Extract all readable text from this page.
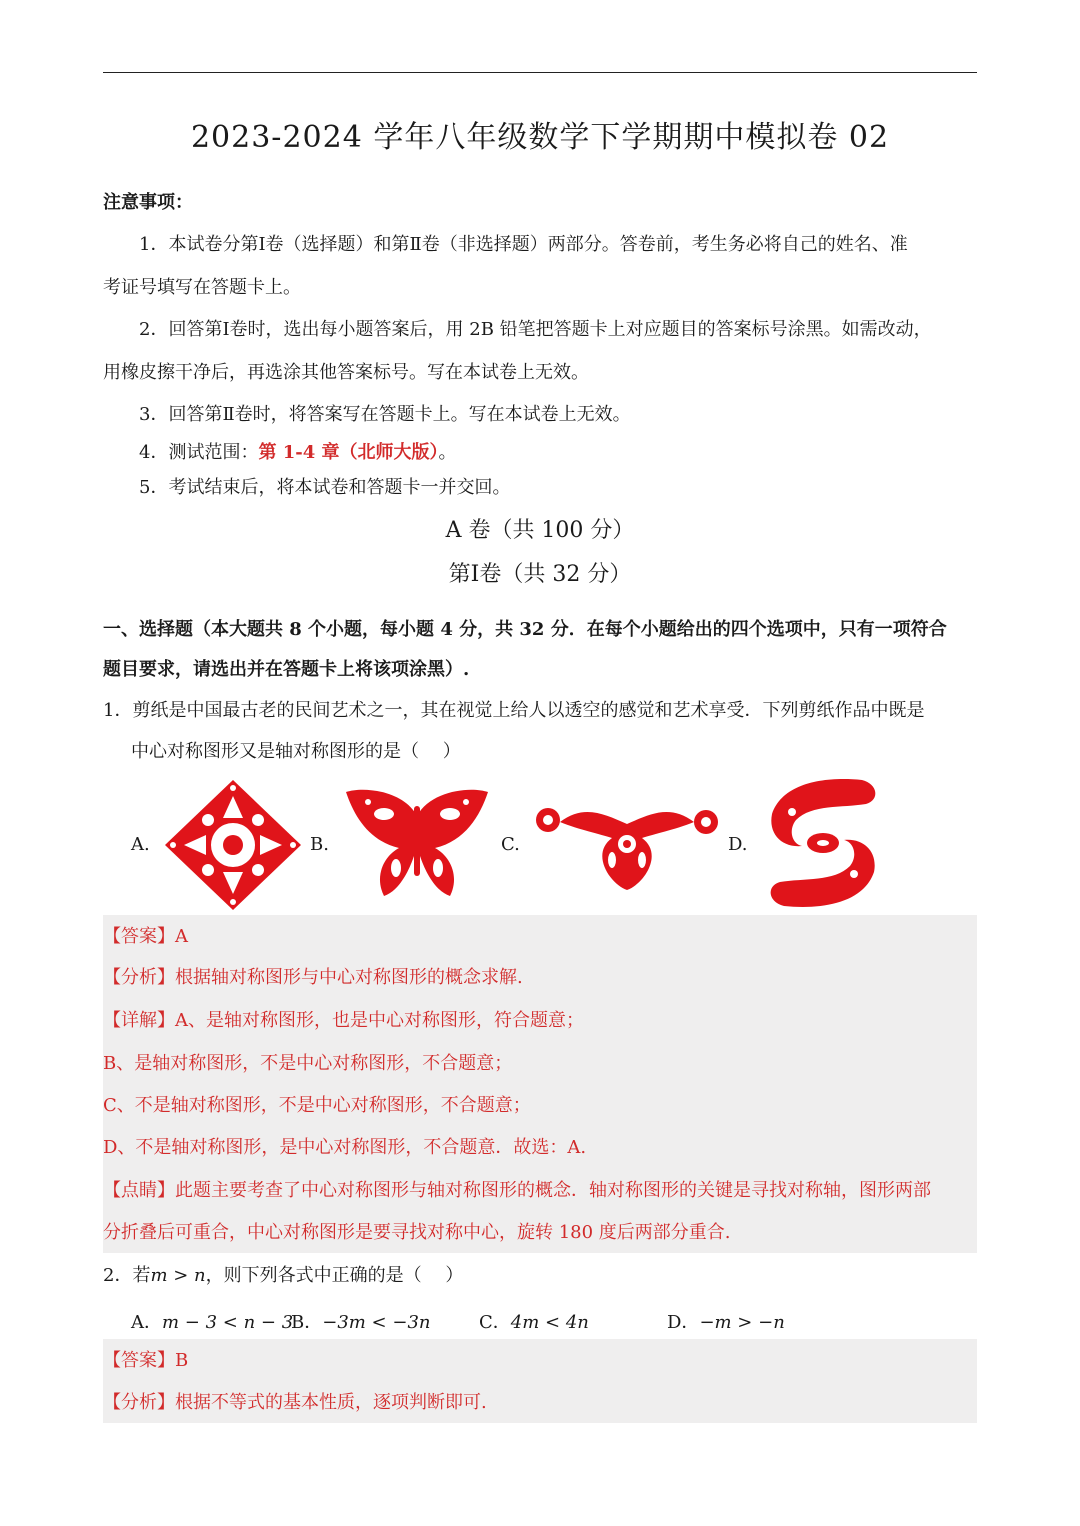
2023-2024 学年八年级数学下学期期中模拟卷 02
注意事项：
1．本试卷分第Ⅰ卷（选择题）和第Ⅱ卷（非选择题）两部分。答卷前，考生务必将自己的姓名、准
考证号填写在答题卡上。
2．回答第Ⅰ卷时，选出每小题答案后，用 2B 铅笔把答题卡上对应题目的答案标号涂黑。如需改动，
用橡皮擦干净后，再选涂其他答案标号。写在本试卷上无效。
3．回答第Ⅱ卷时，将答案写在答题卡上。写在本试卷上无效。
4．测试范围：第 1-4 章（北师大版）。
5．考试结束后，将本试卷和答题卡一并交回。
A 卷（共 100 分）
第Ⅰ卷（共 32 分）
一、选择题（本大题共 8 个小题，每小题 4 分，共 32 分．在每个小题给出的四个选项中，只有一项符合
题目要求，请选出并在答题卡上将该项涂黑）.
1．剪纸是中国最古老的民间艺术之一，其在视觉上给人以透空的感觉和艺术享受．下列剪纸作品中既是
中心对称图形又是轴对称图形的是（　 ）
A.	B.	C.	D.
【答案】A
【分析】根据轴对称图形与中心对称图形的概念求解.
【详解】A、是轴对称图形，也是中心对称图形，符合题意；
B、是轴对称图形，不是中心对称图形，不合题意；
C、不是轴对称图形，不是中心对称图形，不合题意；
D、不是轴对称图形，是中心对称图形，不合题意．故选：A.
【点睛】此题主要考查了中心对称图形与轴对称图形的概念．轴对称图形的关键是寻找对称轴，图形两部
分折叠后可重合，中心对称图形是要寻找对称中心，旋转 180 度后两部分重合.
2．若m > n，则下列各式中正确的是（　 ）
A．m − 3 < n − 3
B．−3m < −3n	C．4m < 4n	D．−m > −n
【答案】B
【分析】根据不等式的基本性质，逐项判断即可.
